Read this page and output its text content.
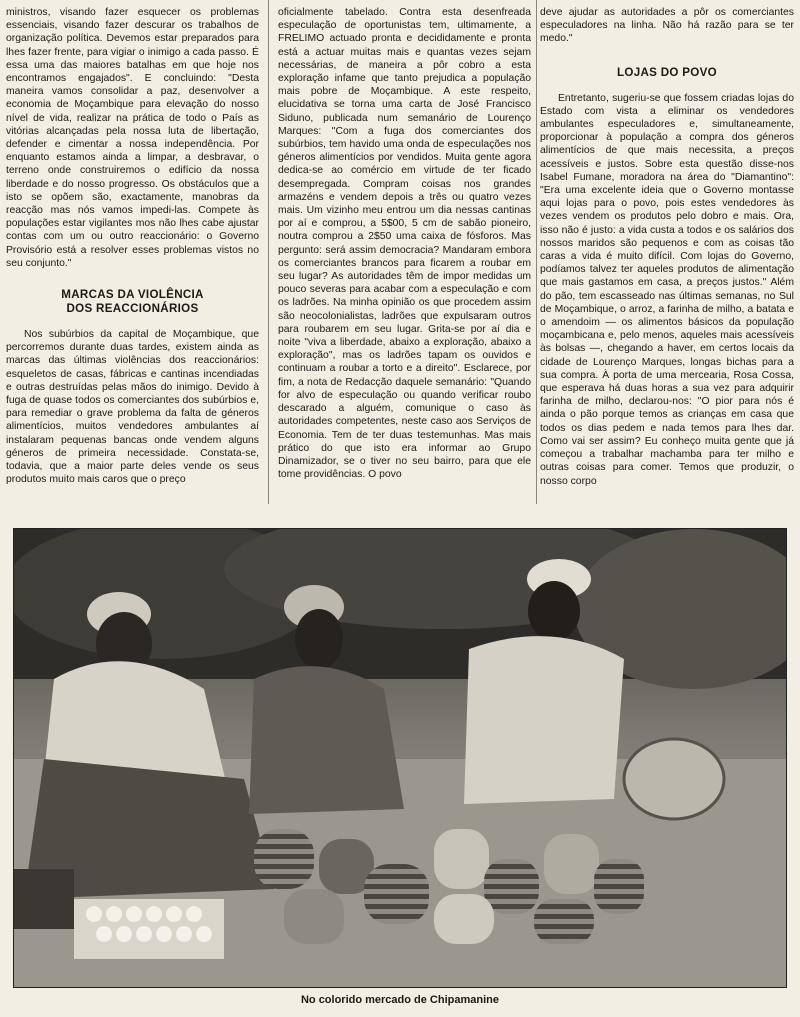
ministros, visando fazer esquecer os problemas essenciais, visando fazer descurar os trabalhos de organização política. Devemos estar preparados para lhes fazer frente, para vigiar o inimigo a cada passo. É essa uma das maiores batalhas em que hoje nos encontramos engajados". E concluindo: "Desta maneira vamos consolidar a paz, desenvolver a economia de Moçambique para elevação do nosso nível de vida, realizar na prática de todo o País as vitórias alcançadas pela nossa luta de libertação, defender e cimentar a nossa independência. Por enquanto estamos ainda a limpar, a desbravar, o terreno onde construiremos o edifício da nossa liberdade e do nosso progresso. Os obstáculos que a isto se opõem são, exactamente, manobras da reacção mas nós vamos impedi-las. Compete às populações estar vigilantes mos não lhes cabe ajustar contas com um ou outro reaccionário: o Governo Provisório está a resolver esses problemas vistos no seu conjunto."

MARCAS DA VIOLÊNCIA
DOS REACCIONÁRIOS

Nos subúrbios da capital de Moçambique, que percorremos durante duas tardes, existem ainda as marcas das últimas violências dos reaccionários: esqueletos de casas, fábricas e cantinas incendiadas e outras destruídas pelas mãos do inimigo. Devido à fuga de quase todos os comerciantes dos subúrbios e, para remediar o grave problema da falta de géneros alimentícios, muitos vendedores ambulantes aí instalaram pequenas bancas onde vendem alguns géneros de primeira necessidade. Constata-se, todavia, que a maior parte deles vende os seus produtos muito mais caros que o preço

oficialmente tabelado. Contra esta desenfreada especulação de oportunistas tem, ultimamente, a FRELIMO actuado pronta e decididamente e pronta está a actuar muitas mais e quantas vezes sejam necessárias, de maneira a pôr cobro a esta exploração infame que tanto prejudica a população mais pobre de Moçambique. A este respeito, elucidativa se torna uma carta de José Francisco Siduno, publicada num semanário de Lourenço Marques: "Com a fuga dos comerciantes dos subúrbios, tem havido uma onda de especulações nos géneros alimentícios por vendidos. Muita gente agora dedica-se ao comércio em virtude de ter ficado desempregada. Compram coisas nos grandes armazéns e vendem depois a três ou quatro vezes mais. Um vizinho meu entrou um dia nessas cantinas por aí e comprou, a 5$00, 5 cm de sabão pioneiro, noutra comprou a 2$50 uma caixa de fósforos. Mas pergunto: será assim democracia? Mandaram embora os comerciantes brancos para ficarem a roubar em seu lugar? As autoridades têm de impor medidas um pouco severas para acabar com a especulação e com os ladrões. Na minha opinião os que procedem assim são neocolonialistas, ladrões que expulsaram outros para roubarem em seu lugar. Grita-se por aí dia e noite "viva a liberdade, abaixo a exploração, abaixo a exploração", mas os ladrões tapam os ouvidos e continuam a roubar a torto e a direito". Esclarece, por fim, a nota de Redacção daquele semanário: "Quando for alvo de especulação ou quando verificar roubo descarado a alguém, comunique o caso às autoridades competentes, neste caso aos Serviços de Economia. Tem de ter duas testemunhas. Mas mais prático do que isto era informar ao Grupo Dinamizador, se o tiver no seu bairro, para que ele tome providências. O povo

deve ajudar as autoridades a pôr os comerciantes especuladores na linha. Não há razão para se ter medo."

LOJAS DO POVO

Entretanto, sugeriu-se que fossem criadas lojas do Estado com vista a eliminar os vendedores ambulantes especuladores e, simultaneamente, proporcionar à população a compra dos géneros alimentícios de que mais necessita, a preços acessíveis e justos. Sobre esta questão disse-nos Isabel Fumane, moradora na área do "Diamantino": "Era uma excelente ideia que o Governo montasse aqui lojas para o povo, pois estes vendedores às vezes vendem os produtos pelo dobro e mais. Ora, isso não é justo: a vida custa a todos e os salários dos nossos maridos são pequenos e com as coisas tão caras a vida é muito difícil. Com lojas do Governo, podíamos talvez ter aqueles produtos de alimentação que mais gastamos em casa, a preços justos." Além do pão, tem escasseado nas últimas semanas, no Sul de Moçambique, o arroz, a farinha de milho, a batata e o amendoim — os alimentos básicos da população moçambicana e, pelo menos, aqueles mais acessíveis às bolsas —, chegando a haver, em certos locais da cidade de Lourenço Marques, longas bichas para a sua compra. À porta de uma mercearia, Rosa Cossa, que esperava há duas horas a sua vez para adquirir farinha de milho, declarou-nos: "O pior para nós é ainda o pão porque temos as crianças em casa que todos os dias pedem e nada temos para lhes dar. Como vai ser assim? Eu conheço muita gente que já começou a trabalhar machamba para ter milho e outras coisas para comer. Temos que produzir, o nosso corpo

No colorido mercado de Chipamanine
